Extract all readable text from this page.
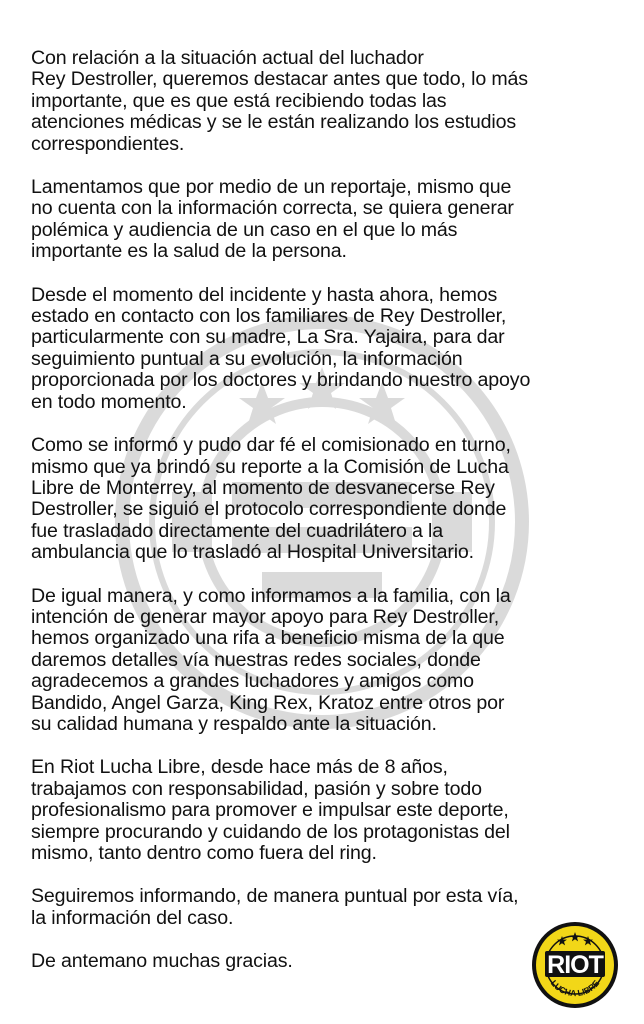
Con relación a la situación actual del luchador
Rey Destroller, queremos destacar antes que todo, lo más
importante, que es que está recibiendo todas las
atenciones médicas y se le están realizando los estudios
correspondientes.

Lamentamos que por medio de un reportaje, mismo que
no cuenta con la información correcta, se quiera generar
polémica y audiencia de un caso en el que lo más
importante es la salud de la persona.

Desde el momento del incidente y hasta ahora, hemos
estado en contacto con los familiares de Rey Destroller,
particularmente con su madre, La Sra. Yajaira, para dar
seguimiento puntual a su evolución, la información
proporcionada por los doctores y brindando nuestro apoyo
en todo momento.

Como se informó y pudo dar fé el comisionado en turno,
mismo que ya brindó su reporte a la Comisión de Lucha
Libre de Monterrey, al momento de desvanecerse Rey
Destroller, se siguió el protocolo correspondiente donde
fue trasladado directamente del cuadrilátero a la
ambulancia que lo trasladó al Hospital Universitario.

De igual manera, y como informamos a la familia, con la
intención de generar mayor apoyo para Rey Destroller,
hemos organizado una rifa a beneficio misma de la que
daremos detalles vía nuestras redes sociales, donde
agradecemos a grandes luchadores y amigos como
Bandido, Angel Garza, King Rex, Kratoz entre otros por
su calidad humana y respaldo ante la situación.

En Riot Lucha Libre, desde hace más de 8 años,
trabajamos con responsabilidad, pasión y sobre todo
profesionalismo para promover e impulsar este deporte,
siempre procurando y cuidando de los protagonistas del
mismo, tanto dentro como fuera del ring.

Seguiremos informando, de manera puntual por esta vía,
la información del caso.

De antemano muchas gracias.	RIOT
LUCHA LIBRE
